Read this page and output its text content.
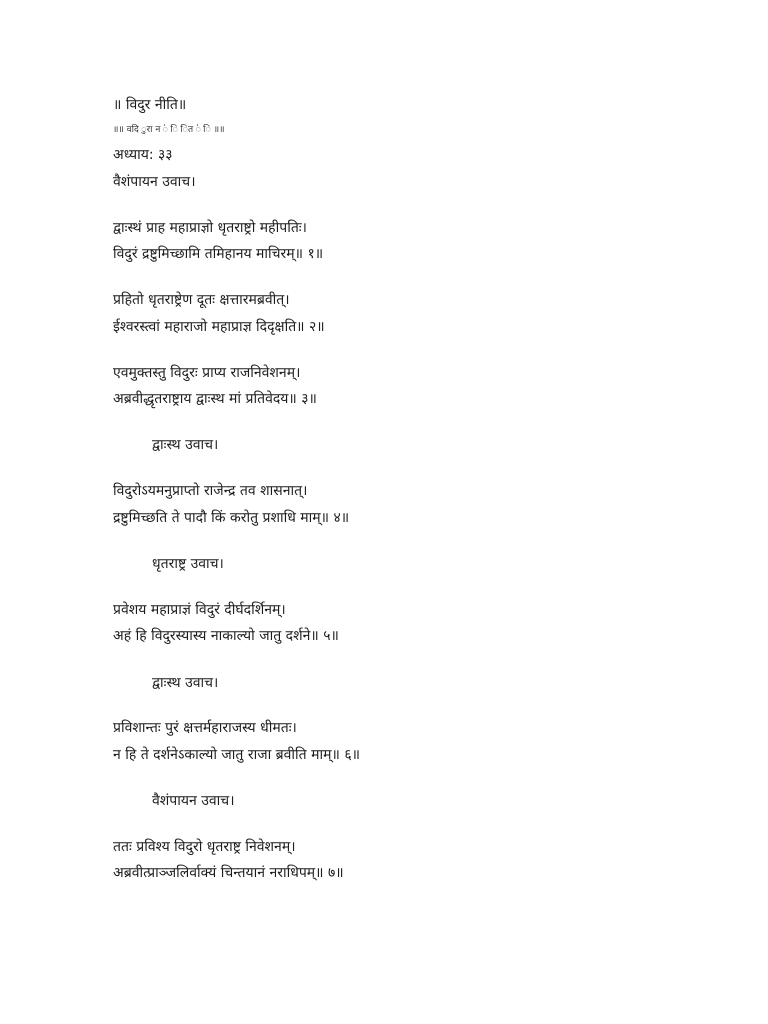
॥ विदुर नीति॥
॥॥ वदि ुरा न ॑ ि ित ॑ ि ॥॥
अध्याय: ३३
वैशंपायन उवाच।
द्वाःस्थं प्राह महाप्राज्ञो धृतराष्ट्रो महीपतिः।
विदुरं द्रष्टुमिच्छामि तमिहानय माचिरम्॥ १॥
प्रहितो धृतराष्ट्रेण दूतः क्षत्तारमब्रवीत्।
ईश्वरस्त्वां महाराजो महाप्राज्ञ दिदृक्षति॥ २॥
एवमुक्तस्तु विदुरः प्राप्य राजनिवेशनम्।
अब्रवीद्धृतराष्ट्राय द्वाःस्थ मां प्रतिवेदय॥ ३॥
द्वाःस्थ उवाच।
विदुरोऽयमनुप्राप्तो राजेन्द्र तव शासनात्।
द्रष्टुमिच्छति ते पादौ किं करोतु प्रशाधि माम्॥ ४॥
धृतराष्ट्र उवाच।
प्रवेशय महाप्राज्ञं विदुरं दीर्घदर्शिनम्।
अहं हि विदुरस्यास्य नाकाल्यो जातु दर्शने॥ ५॥
द्वाःस्थ उवाच।
प्रविशान्तः पुरं क्षत्तर्महाराजस्य धीमतः।
न हि ते दर्शनेऽकाल्यो जातु राजा ब्रवीति माम्॥ ६॥
वैशंपायन उवाच।
ततः प्रविश्य विदुरो धृतराष्ट्र निवेशनम्।
अब्रवीत्प्राञ्जलिर्वाक्यं चिन्तयानं नराधिपम्॥ ७॥
